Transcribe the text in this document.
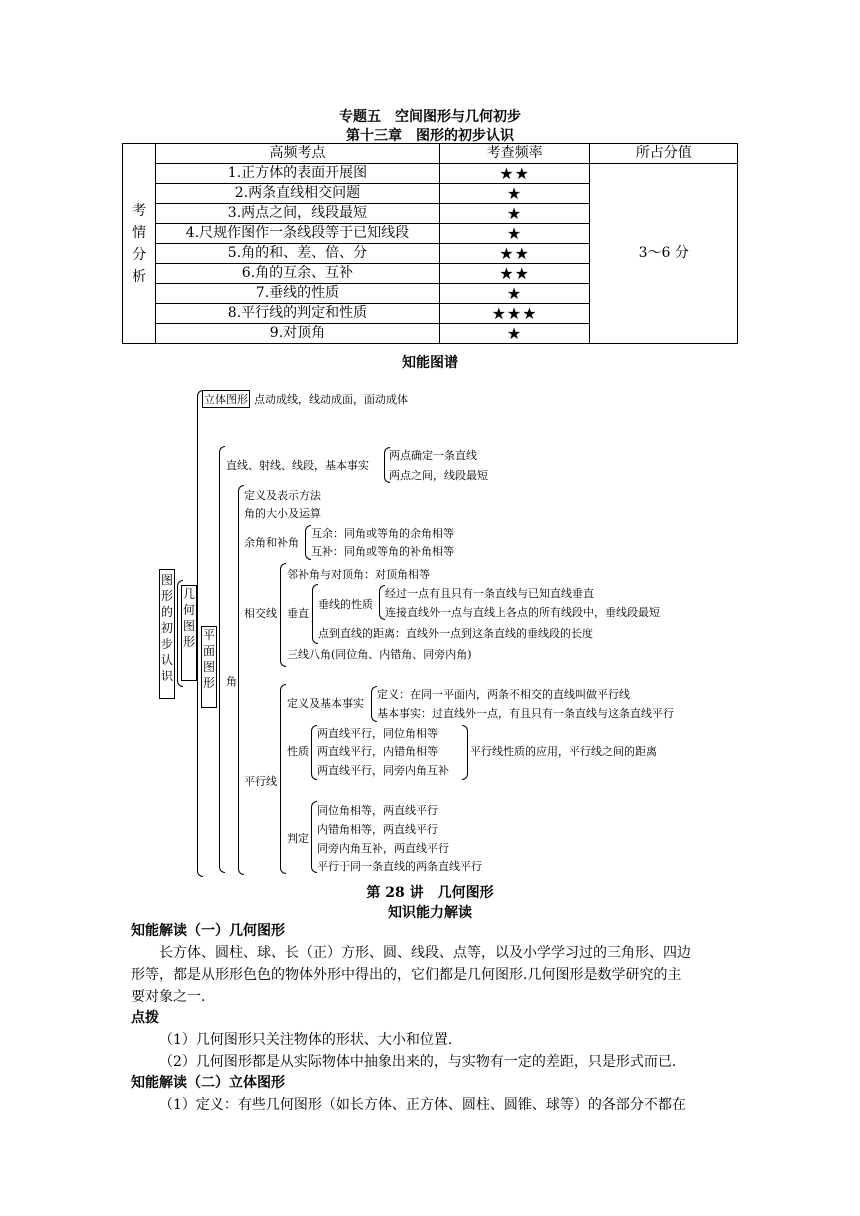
专题五　空间图形与几何初步
第十三章　图形的初步认识
考情分析	高频考点	考查频率	所占分值
	1.正方体的表面开展图	★★	3～6 分
	2.两条直线相交问题	★	
	3.两点之间，线段最短	★	
	4.尺规作图作一条线段等于已知线段	★	
	5.角的和、差、倍、分	★★	
	6.角的互余、互补	★★	
	7.垂线的性质	★	
	8.平行线的判定和性质	★★★	
	9.对顶角	★	
知能图谱
图形的初步认识
几何图形
立体图形 点动成线，线动成面，面动成体
平面图形
直线、射线、线段，基本事实
两点确定一条直线
两点之间，线段最短
角
定义及表示方法
角的大小及运算
余角和补角
互余：同角或等角的余角相等
互补：同角或等角的补角相等
相交线
邻补角与对顶角：对顶角相等
垂直
垂线的性质
经过一点有且只有一条直线与已知直线垂直
连接直线外一点与直线上各点的所有线段中，垂线段最短
点到直线的距离：直线外一点到这条直线的垂线段的长度
三线八角(同位角、内错角、同旁内角)
平行线
定义及基本事实
定义：在同一平面内，两条不相交的直线叫做平行线
基本事实：过直线外一点，有且只有一条直线与这条直线平行
性质
两直线平行，同位角相等
两直线平行，内错角相等
两直线平行，同旁内角互补
平行线性质的应用，平行线之间的距离
判定
同位角相等，两直线平行
内错角相等，两直线平行
同旁内角互补，两直线平行
平行于同一条直线的两条直线平行
第 28 讲　几何图形
知识能力解读
知能解读（一）几何图形
长方体、圆柱、球、长（正）方形、圆、线段、点等，以及小学学习过的三角形、四边
形等，都是从形形色色的物体外形中得出的，它们都是几何图形.几何图形是数学研究的主
要对象之一.
点拨
（1）几何图形只关注物体的形状、大小和位置.
（2）几何图形都是从实际物体中抽象出来的，与实物有一定的差距，只是形式而已.
知能解读（二）立体图形
（1）定义：有些几何图形（如长方体、正方体、圆柱、圆锥、球等）的各部分不都在
